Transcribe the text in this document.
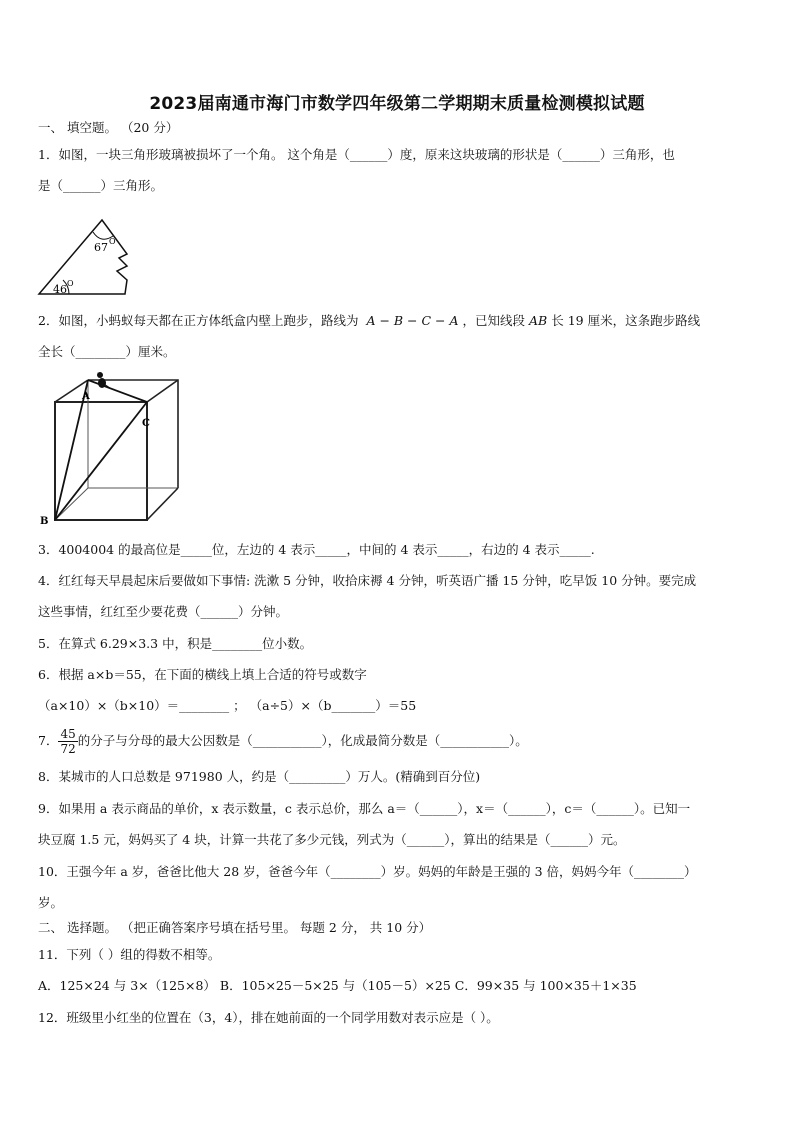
2023届南通市海门市数学四年级第二学期期末质量检测模拟试题
一、 填空题。 （20 分）
1．如图，一块三角形玻璃被损坏了一个角。 这个角是（______）度，原来这块玻璃的形状是（______）三角形，也
是（______）三角形。
67 O
46 O
2．如图，小蚂蚁每天都在正方体纸盒内壁上跑步，路线为 A − B − C − A ，已知线段 AB 长 19 厘米，这条跑步路线
全长（________）厘米。
A
B
C
3．4004004 的最高位是_____位，左边的 4 表示_____，中间的 4 表示_____，右边的 4 表示_____.
4．红红每天早晨起床后要做如下事情: 洗漱 5 分钟，收拾床褥 4 分钟，听英语广播 15 分钟，吃早饭 10 分钟。要完成
这些事情，红红至少要花费（______）分钟。
5．在算式 6.29×3.3 中，积是________位小数。
6．根据 a×b＝55，在下面的横线上填上合适的符号或数字
（a×10）×（b×10）＝________ ； （a÷5）×（b_______）＝55
7． $\frac{45}{72}$ 的分子与分母的最大公因数是（___________），化成最简分数是（___________）。
8．某城市的人口总数是 971980 人，约是（_________）万人。(精确到百分位)
9．如果用 a 表示商品的单价，x 表示数量，c 表示总价，那么 a＝（______），x＝（______），c＝（______）。已知一
块豆腐 1.5 元，妈妈买了 4 块，计算一共花了多少元钱，列式为（______），算出的结果是（______）元。
10．王强今年 a 岁，爸爸比他大 28 岁，爸爸今年（________）岁。妈妈的年龄是王强的 3 倍，妈妈今年（________）
岁。
二、 选择题。 （把正确答案序号填在括号里。 每题 2 分， 共 10 分）
11．下列（ ）组的得数不相等。
A．125×24 与 3×（125×8） B．105×25－5×25 与（105－5）×25 C．99×35 与 100×35＋1×35
12．班级里小红坐的位置在（3，4），排在她前面的一个同学用数对表示应是（ ）。
